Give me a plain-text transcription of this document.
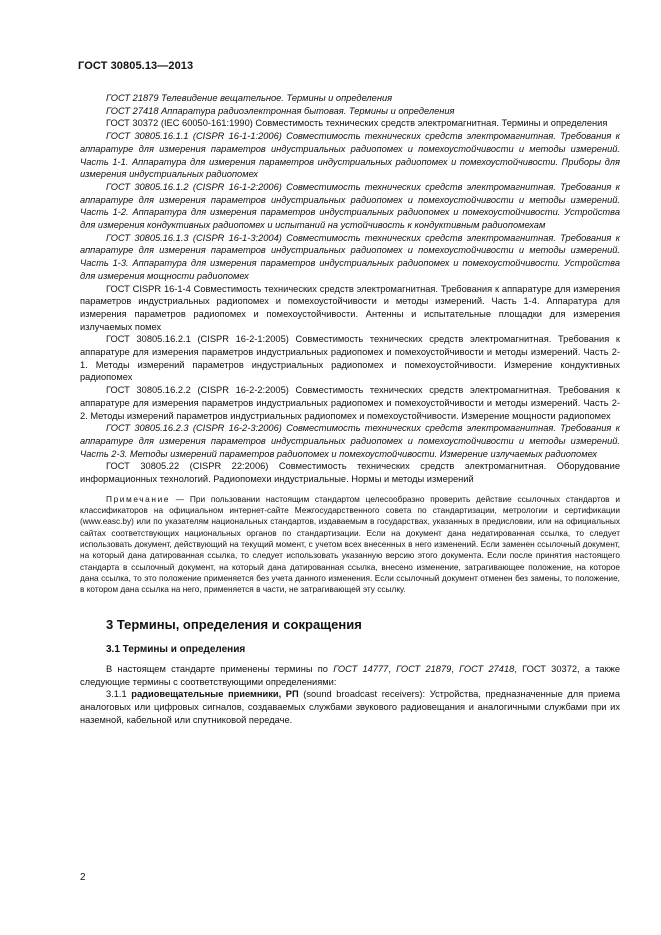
ГОСТ 30805.13—2013

ГОСТ 21879 Телевидение вещательное. Термины и определения

ГОСТ 27418 Аппаратура радиоэлектронная бытовая. Термины и определения

ГОСТ 30372 (IEC 60050-161:1990) Совместимость технических средств электромагнитная. Термины и определения

ГОСТ 30805.16.1.1 (CISPR 16-1-1:2006) Совместимость технических средств электромагнитная. Требования к аппаратуре для измерения параметров индустриальных радиопомех и помехоустойчивости и методы измерений. Часть 1-1. Аппаратура для измерения параметров индустриальных радиопомех и помехоустойчивости. Приборы для измерения индустриальных радиопомех

ГОСТ 30805.16.1.2 (CISPR 16-1-2:2006) Совместимость технических средств электромагнитная. Требования к аппаратуре для измерения параметров индустриальных радиопомех и помехоустойчивости и методы измерений. Часть 1-2. Аппаратура для измерения параметров индустриальных радиопомех и помехоустойчивости. Устройства для измерения кондуктивных радиопомех и испытаний на устойчивость к кондуктивным радиопомехам

ГОСТ 30805.16.1.3 (CISPR 16-1-3:2004) Совместимость технических средств электромагнитная. Требования к аппаратуре для измерения параметров индустриальных радиопомех и помехоустойчивости и методы измерений. Часть 1-3. Аппаратура для измерения параметров индустриальных радиопомех и помехоустойчивости. Устройства для измерения мощности радиопомех

ГОСТ CISPR 16-1-4 Совместимость технических средств электромагнитная. Требования к аппаратуре для измерения параметров индустриальных радиопомех и помехоустойчивости и методы измерений. Часть 1-4. Аппаратура для измерения параметров радиопомех и помехоустойчивости. Антенны и испытательные площадки для измерения излучаемых помех

ГОСТ 30805.16.2.1 (CISPR 16-2-1:2005) Совместимость технических средств электромагнитная. Требования к аппаратуре для измерения параметров индустриальных радиопомех и помехоустойчивости и методы измерений. Часть 2-1. Методы измерений параметров индустриальных радиопомех и помехоустойчивости. Измерение кондуктивных радиопомех

ГОСТ 30805.16.2.2 (CISPR 16-2-2:2005) Совместимость технических средств электромагнитная. Требования к аппаратуре для измерения параметров индустриальных радиопомех и помехоустойчивости и методы измерений. Часть 2-2. Методы измерений параметров индустриальных радиопомех и помехоустойчивости. Измерение мощности радиопомех

ГОСТ 30805.16.2.3 (CISPR 16-2-3:2006) Совместимость технических средств электромагнитная. Требования к аппаратуре для измерения параметров индустриальных радиопомех и помехоустойчивости и методы измерений. Часть 2-3. Методы измерений параметров радиопомех и помехоустойчивости. Измерение излучаемых радиопомех

ГОСТ 30805.22 (CISPR 22:2006) Совместимость технических средств электромагнитная. Оборудование информационных технологий. Радиопомехи индустриальные. Нормы и методы измерений

Примечание — При пользовании настоящим стандартом целесообразно проверить действие ссылочных стандартов и классификаторов на официальном интернет-сайте Межгосударственного совета по стандартизации, метрологии и сертификации (www.easc.by) или по указателям национальных стандартов, издаваемым в государствах, указанных в предисловии, или на официальных сайтах соответствующих национальных органов по стандартизации. Если на документ дана недатированная ссылка, то следует использовать документ, действующий на текущий момент, с учетом всех внесенных в него изменений. Если заменен ссылочный документ, на который дана датированная ссылка, то следует использовать указанную версию этого документа. Если после принятия настоящего стандарта в ссылочный документ, на который дана датированная ссылка, внесено изменение, затрагивающее положение, на которое дана ссылка, то это положение применяется без учета данного изменения. Если ссылочный документ отменен без замены, то положение, в котором дана ссылка на него, применяется в части, не затрагивающей эту ссылку.

3 Термины, определения и сокращения
3.1 Термины и определения

В настоящем стандарте применены термины по ГОСТ 14777, ГОСТ 21879, ГОСТ 27418, ГОСТ 30372, а также следующие термины с соответствующими определениями:

3.1.1 радиовещательные приемники, РП (sound broadcast receivers): Устройства, предназначенные для приема аналоговых или цифровых сигналов, создаваемых службами звукового радиовещания и аналогичными службами при их наземной, кабельной или спутниковой передаче.

2
